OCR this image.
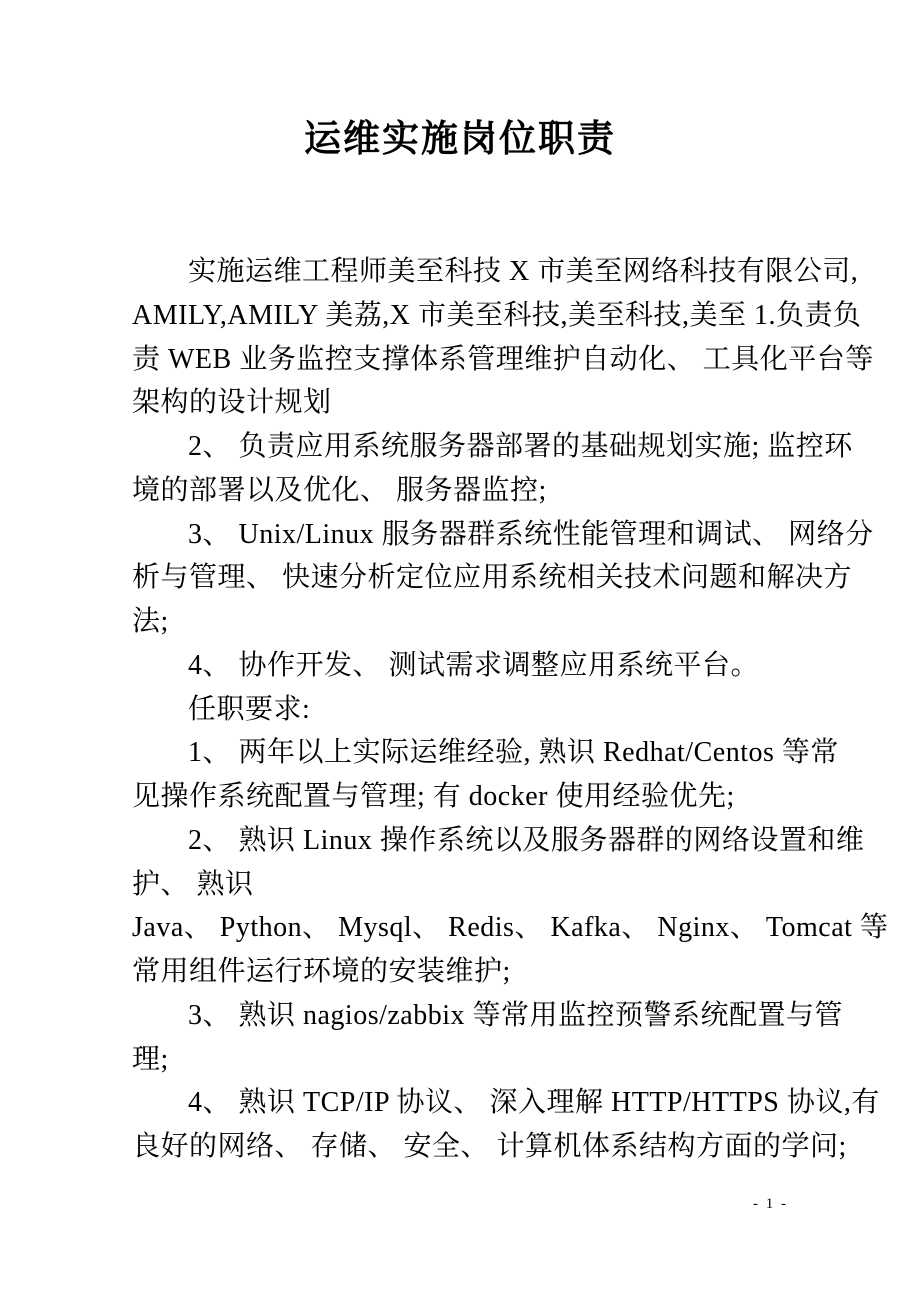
运维实施岗位职责

实施运维工程师美至科技 X 市美至网络科技有限公司,
AMILY,AMILY 美荔,X 市美至科技,美至科技,美至 1.负责负
责 WEB 业务监控支撑体系管理维护自动化、 工具化平台等
架构的设计规划

2、 负责应用系统服务器部署的基础规划实施; 监控环
境的部署以及优化、 服务器监控;

3、 Unix/Linux 服务器群系统性能管理和调试、 网络分
析与管理、 快速分析定位应用系统相关技术问题和解决方
法;

4、 协作开发、 测试需求调整应用系统平台。

任职要求:

1、 两年以上实际运维经验, 熟识 Redhat/Centos 等常
见操作系统配置与管理; 有 docker 使用经验优先;

2、 熟识 Linux 操作系统以及服务器群的网络设置和维
护、 熟识

Java、 Python、 Mysql、 Redis、 Kafka、 Nginx、 Tomcat 等
常用组件运行环境的安装维护;

3、 熟识 nagios/zabbix 等常用监控预警系统配置与管
理;

4、 熟识 TCP/IP 协议、 深入理解 HTTP/HTTPS 协议,有
良好的网络、 存储、 安全、 计算机体系结构方面的学问;

- 1 -
